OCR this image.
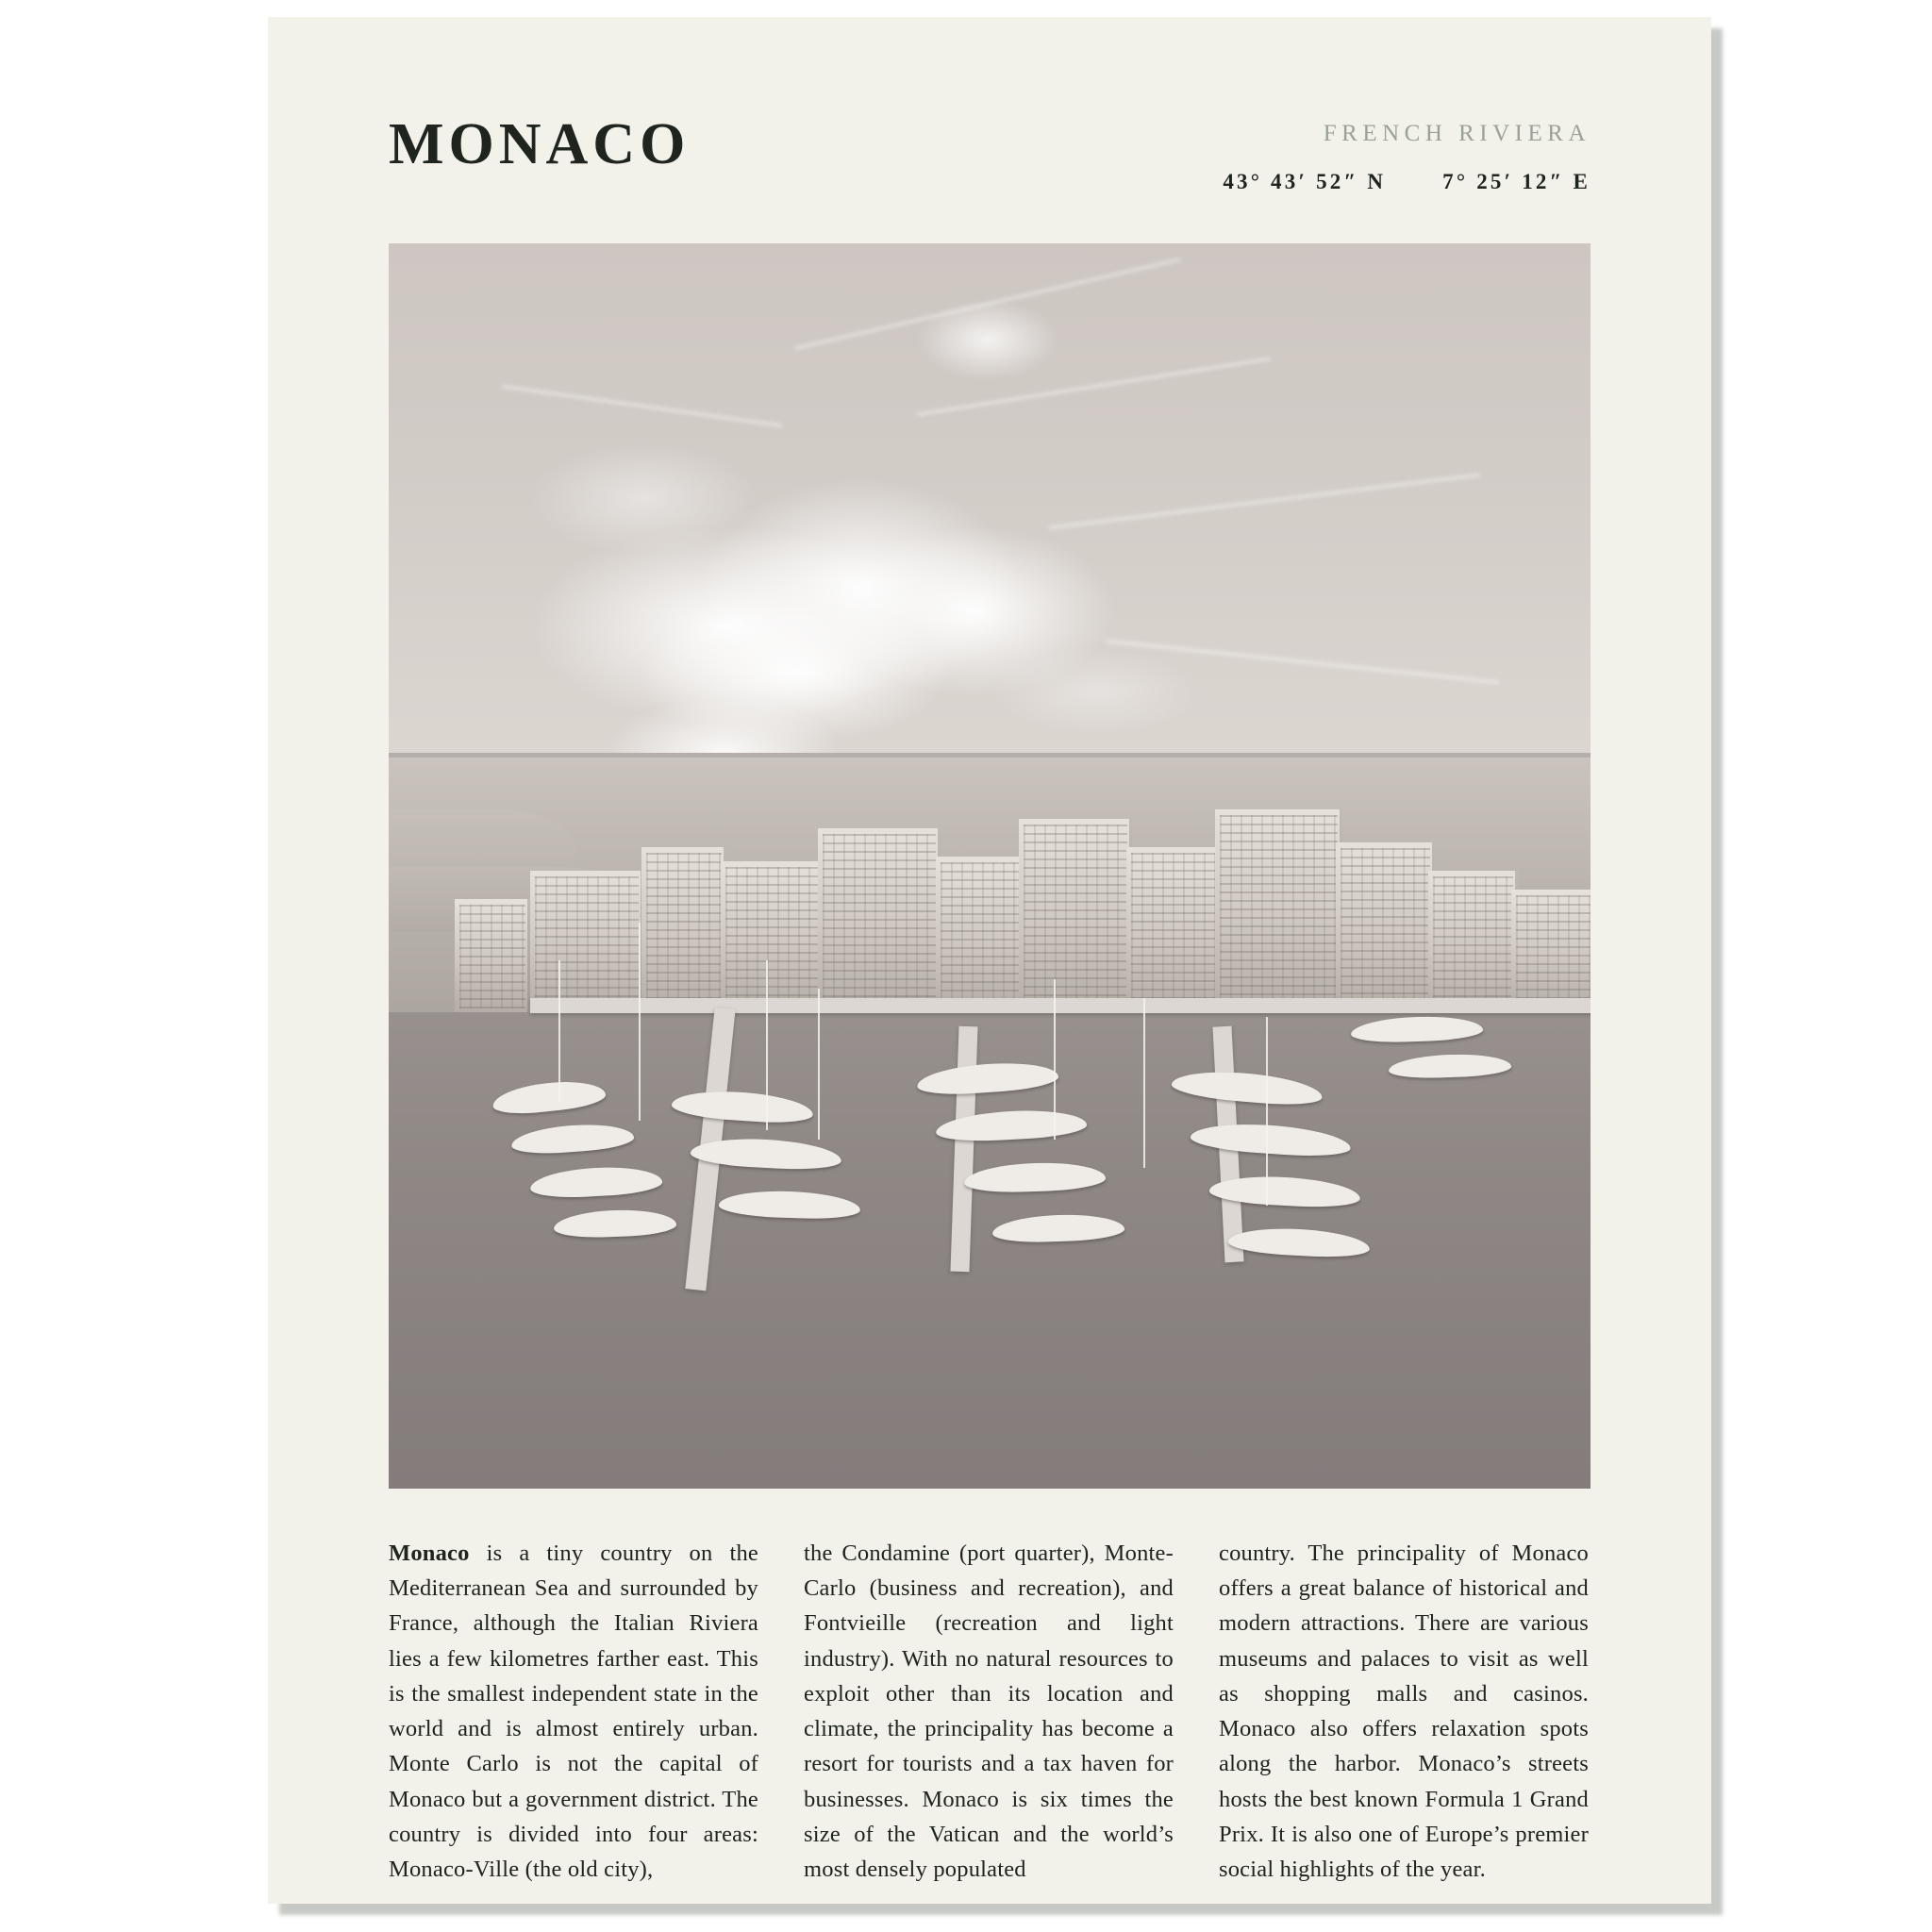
MONACO	FRENCH RIVIERA
43° 43′ 52″ N	7° 25′ 12″ E
Monaco is a tiny country on the Mediterranean Sea and surrounded by France, although the Italian Riviera lies a few kilometres farther east. This is the smallest independent state in the world and is almost entirely urban. Monte Carlo is not the capital of Monaco but a government district. The country is divided into four areas: Monaco-Ville (the old city),
the Condamine (port quarter), Monte-Carlo (business and recreation), and Fontvieille (recreation and light industry). With no natural resources to exploit other than its location and climate, the principality has become a resort for tourists and a tax haven for businesses. Monaco is six times the size of the Vatican and the world’s most densely populated
country. The principality of Monaco offers a great balance of historical and modern attractions. There are various museums and palaces to visit as well as shopping malls and casinos. Monaco also offers relaxation spots along the harbor. Monaco’s streets hosts the best known Formula 1 Grand Prix. It is also one of Europe’s premier social highlights of the year.
